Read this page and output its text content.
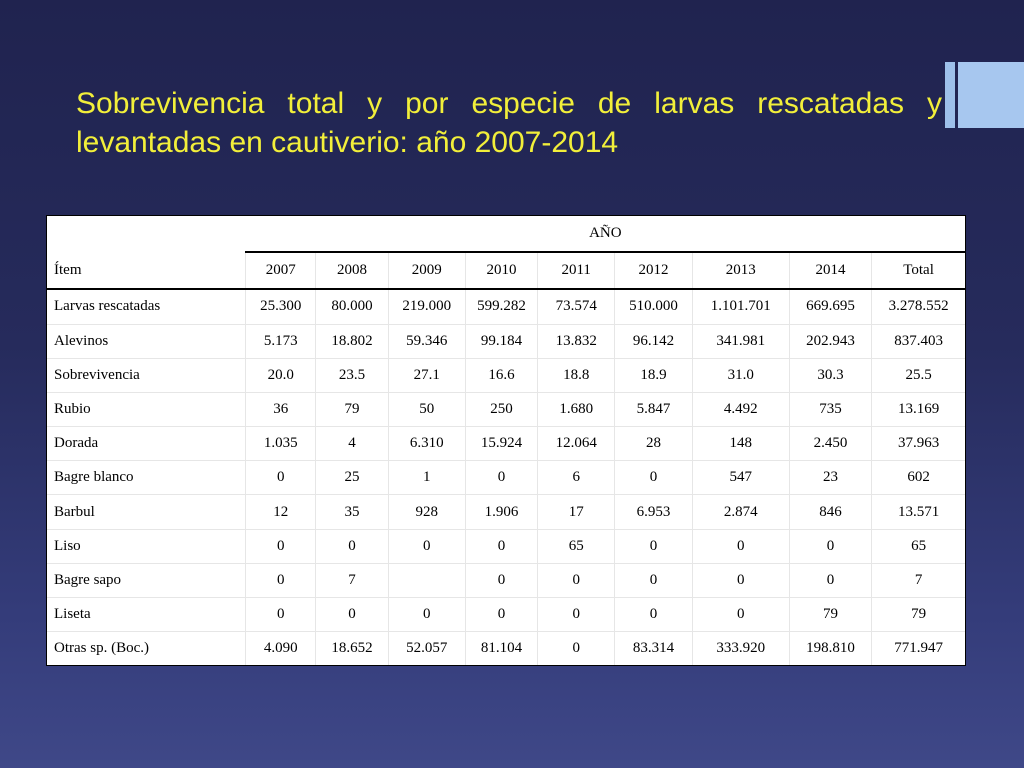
Sobrevivencia total y por especie de larvas rescatadas y levantadas en cautiverio: año 2007-2014
	AÑO								
Ítem	2007	2008	2009	2010	2011	2012	2013	2014	Total
Larvas rescatadas	25.300	80.000	219.000	599.282	73.574	510.000	1.101.701	669.695	3.278.552
Alevinos	5.173	18.802	59.346	99.184	13.832	96.142	341.981	202.943	837.403
Sobrevivencia	20.0	23.5	27.1	16.6	18.8	18.9	31.0	30.3	25.5
Rubio	36	79	50	250	1.680	5.847	4.492	735	13.169
Dorada	1.035	4	6.310	15.924	12.064	28	148	2.450	37.963
Bagre blanco	0	25	1	0	6	0	547	23	602
Barbul	12	35	928	1.906	17	6.953	2.874	846	13.571
Liso	0	0	0	0	65	0	0	0	65
Bagre sapo	0	7		0	0	0	0	0	7
Liseta	0	0	0	0	0	0	0	79	79
Otras sp. (Boc.)	4.090	18.652	52.057	81.104	0	83.314	333.920	198.810	771.947
